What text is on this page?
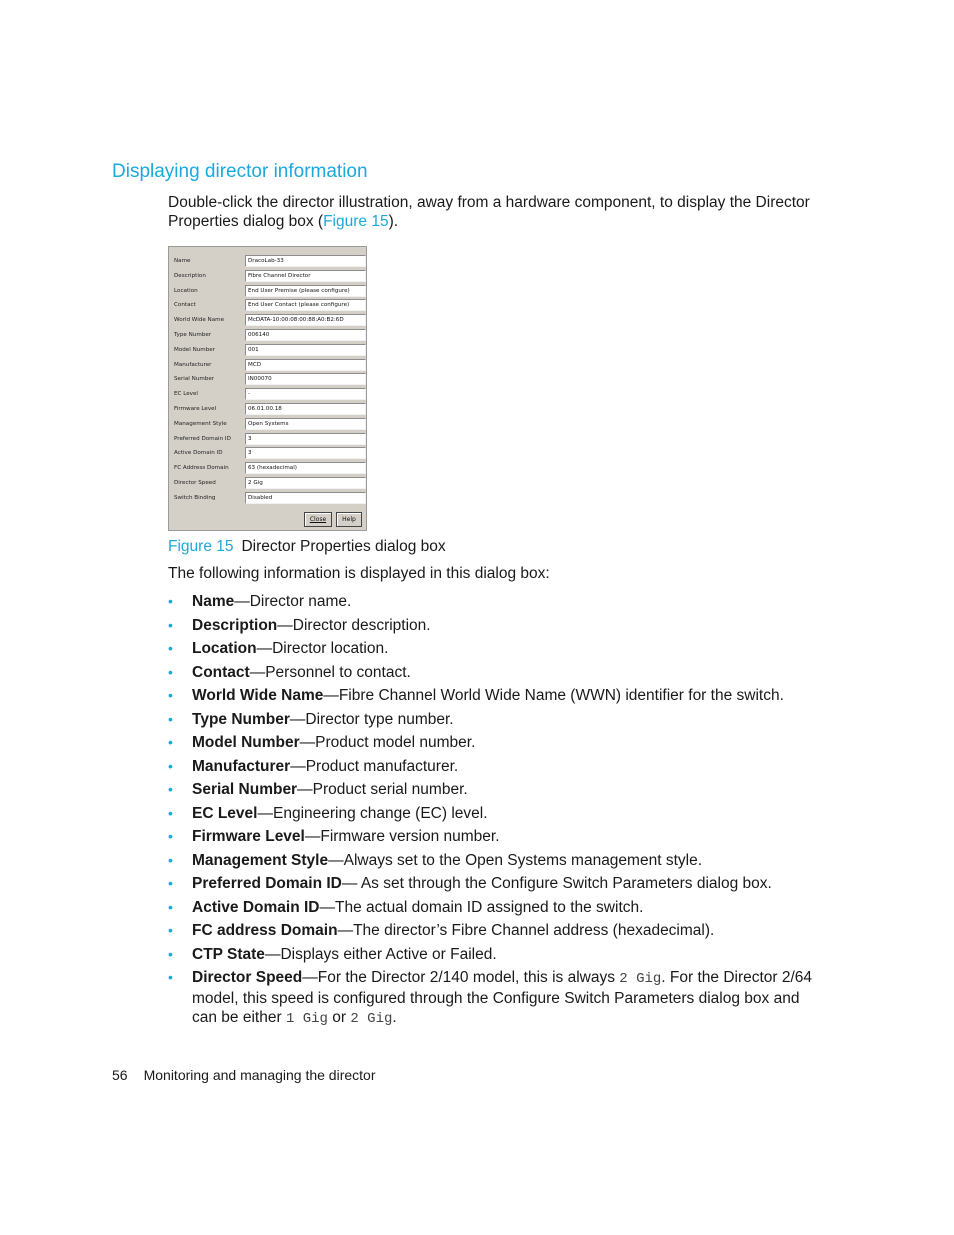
Displaying director information

Double-click the director illustration, away from a hardware component, to display the Director Properties dialog box (Figure 15).

Name	DracoLab-33
Description	Fibre Channel Director
Location	End User Premise (please configure)
Contact	End User Contact (please configure)
World Wide Name	McDATA-10:00:08:00:88:A0:B2:6D
Type Number	006140
Model Number	001
Manufacturer	MCD
Serial Number	IN00070
EC Level	-
Firmware Level	06.01.00.18
Management Style	Open Systems
Preferred Domain ID	3
Active Domain ID	3
FC Address Domain	63 (hexadecimal)
Director Speed	2 Gig
Switch Binding	Disabled
Close	Help

Figure 15 Director Properties dialog box

The following information is displayed in this dialog box:

• Name—Director name.
• Description—Director description.
• Location—Director location.
• Contact—Personnel to contact.
• World Wide Name—Fibre Channel World Wide Name (WWN) identifier for the switch.
• Type Number—Director type number.
• Model Number—Product model number.
• Manufacturer—Product manufacturer.
• Serial Number—Product serial number.
• EC Level—Engineering change (EC) level.
• Firmware Level—Firmware version number.
• Management Style—Always set to the Open Systems management style.
• Preferred Domain ID— As set through the Configure Switch Parameters dialog box.
• Active Domain ID—The actual domain ID assigned to the switch.
• FC address Domain—The director’s Fibre Channel address (hexadecimal).
• CTP State—Displays either Active or Failed.
• Director Speed—For the Director 2/140 model, this is always 2 Gig. For the Director 2/64 model, this speed is configured through the Configure Switch Parameters dialog box and can be either 1 Gig or 2 Gig.

56 Monitoring and managing the director
